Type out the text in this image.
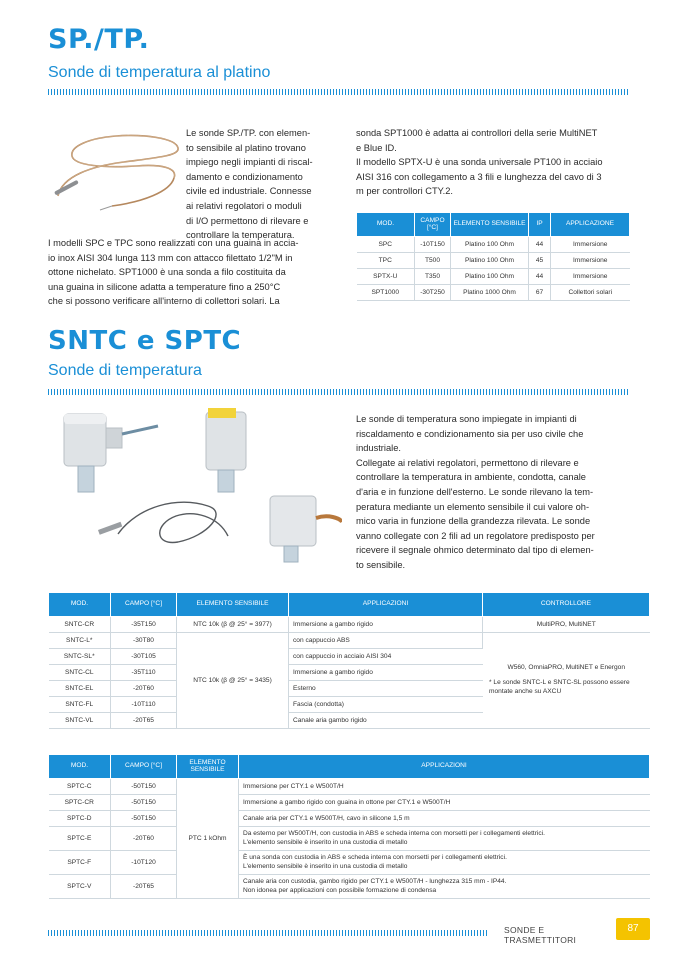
SP./TP.
Sonde di temperatura al platino

Le sonde SP./TP. con elemen-

to sensibile al platino trovano

impiego negli impianti di riscal-

damento e condizionamento

civile ed industriale. Connesse

ai relativi regolatori o moduli

di I/O permettono di rilevare e

controllare la temperatura.

I modelli SPC e TPC sono realizzati con una guaina in accia-

io inox AISI 304 lunga 113 mm con attacco filettato 1/2"M in

ottone nichelato. SPT1000 è una sonda a filo costituita da

una guaina in silicone adatta a temperature fino a 250°C

che si possono verificare all'interno di collettori solari. La

sonda SPT1000 è adatta ai controllori della serie MultiNET

e Blue ID.

Il modello SPTX-U è una sonda universale PT100 in acciaio

AISI 316 con collegamento a 3 fili e lunghezza del cavo di 3

m per controllori CTY.2.

MOD.	CAMPO [°C]	ELEMENTO SENSIBILE	IP	APPLICAZIONE
SPC	-10T150	Platino 100 Ohm	44	Immersione
TPC	T500	Platino 100 Ohm	45	Immersione
SPTX-U	T350	Platino 100 Ohm	44	Immersione
SPT1000	-30T250	Platino 1000 Ohm	67	Collettori solari
SNTC e SPTC
Sonde di temperatura

Le sonde di temperatura sono impiegate in impianti di

riscaldamento e condizionamento sia per uso civile che

industriale.

Collegate ai relativi regolatori, permettono di rilevare e

controllare la temperatura in ambiente, condotta, canale

d'aria e in funzione dell'esterno. Le sonde rilevano la tem-

peratura mediante un elemento sensibile il cui valore oh-

mico varia in funzione della grandezza rilevata. Le sonde

vanno collegate con 2 fili ad un regolatore predisposto per

ricevere il segnale ohmico determinato dal tipo di elemen-

to sensibile.

MOD.	CAMPO [°C]	ELEMENTO SENSIBILE	APPLICAZIONI	CONTROLLORE
SNTC-CR	-35T150	NTC 10k (β @ 25° = 3977)	Immersione a gambo rigido	MultiPRO, MultiNET
SNTC-L*	-30T80	NTC 10k (β @ 25° = 3435)	con cappuccio ABS	W560, OmniaPRO, MultiNET e Energon
* Le sonde SNTC-L e SNTC-SL possono essere montate anche su AXCU

SNTC-SL*	-30T105		con cappuccio in acciaio AISI 304	
SNTC-CL	-35T110		Immersione a gambo rigido	
SNTC-EL	-20T60		Esterno	
SNTC-FL	-10T110		Fascia (condotta)	
SNTC-VL	-20T65		Canale aria gambo rigido	
MOD.	CAMPO [°C]	ELEMENTO SENSIBILE	APPLICAZIONI
SPTC-C	-50T150	PTC 1 kOhm	Immersione per CTY.1 e W500T/H
SPTC-CR	-50T150		Immersione a gambo rigido con guaina in ottone per CTY.1 e W500T/H
SPTC-D	-50T150		Canale aria per CTY.1 e W500T/H, cavo in silicone 1,5 m
SPTC-E	-20T60		Da esterno per W500T/H, con custodia in ABS e scheda interna con morsetti per i collegamenti elettrici.
L'elemento sensibile è inserito in una custodia di metallo

SPTC-F	-10T120		È una sonda con custodia in ABS e scheda interna con morsetti per i collegamenti elettrici.
L'elemento sensibile è inserito in una custodia di metallo

SPTC-V	-20T65		Canale aria con custodia, gambo rigido per CTY.1 e W500T/H - lunghezza 315 mm - IP44.
Non idonea per applicazioni con possibile formazione di condensa
SONDE E TRASMETTITORI
87
